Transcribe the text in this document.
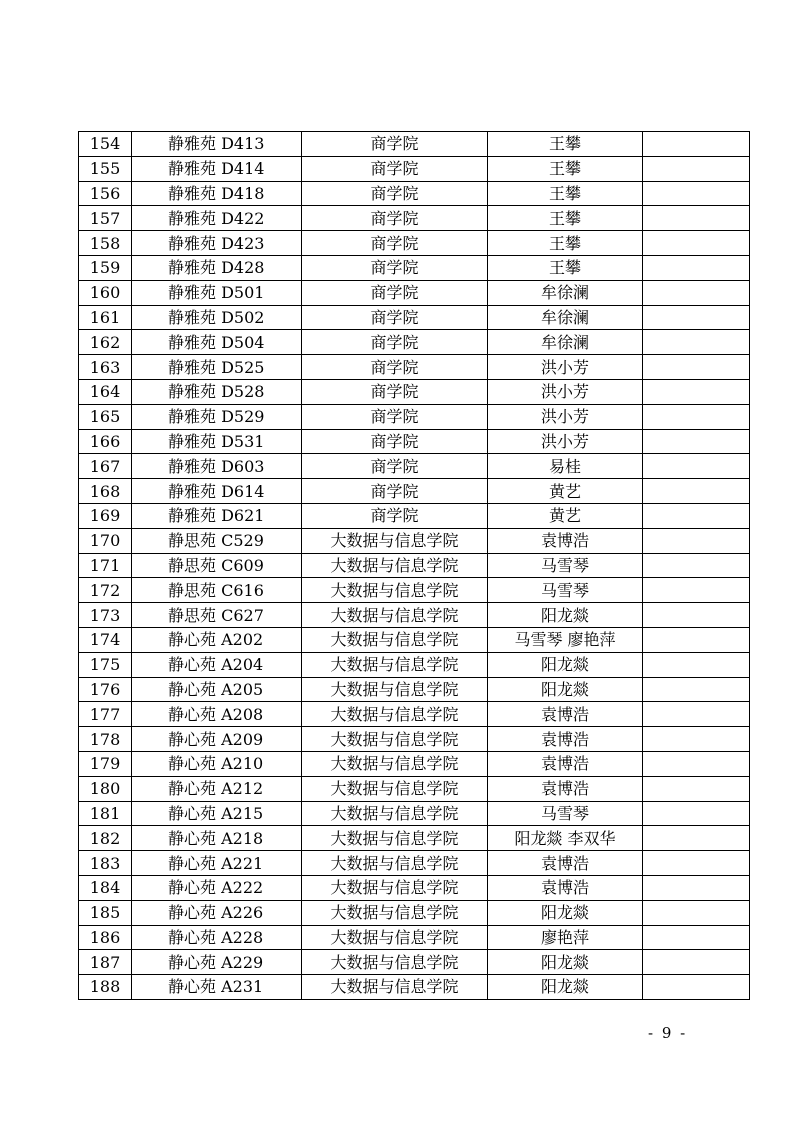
154	静雅苑 D413	商学院	王攀	
155	静雅苑 D414	商学院	王攀	
156	静雅苑 D418	商学院	王攀	
157	静雅苑 D422	商学院	王攀	
158	静雅苑 D423	商学院	王攀	
159	静雅苑 D428	商学院	王攀	
160	静雅苑 D501	商学院	牟徐澜	
161	静雅苑 D502	商学院	牟徐澜	
162	静雅苑 D504	商学院	牟徐澜	
163	静雅苑 D525	商学院	洪小芳	
164	静雅苑 D528	商学院	洪小芳	
165	静雅苑 D529	商学院	洪小芳	
166	静雅苑 D531	商学院	洪小芳	
167	静雅苑 D603	商学院	易桂	
168	静雅苑 D614	商学院	黄艺	
169	静雅苑 D621	商学院	黄艺	
170	静思苑 C529	大数据与信息学院	袁博浩	
171	静思苑 C609	大数据与信息学院	马雪琴	
172	静思苑 C616	大数据与信息学院	马雪琴	
173	静思苑 C627	大数据与信息学院	阳龙燚	
174	静心苑 A202	大数据与信息学院	马雪琴 廖艳萍	
175	静心苑 A204	大数据与信息学院	阳龙燚	
176	静心苑 A205	大数据与信息学院	阳龙燚	
177	静心苑 A208	大数据与信息学院	袁博浩	
178	静心苑 A209	大数据与信息学院	袁博浩	
179	静心苑 A210	大数据与信息学院	袁博浩	
180	静心苑 A212	大数据与信息学院	袁博浩	
181	静心苑 A215	大数据与信息学院	马雪琴	
182	静心苑 A218	大数据与信息学院	阳龙燚 李双华	
183	静心苑 A221	大数据与信息学院	袁博浩	
184	静心苑 A222	大数据与信息学院	袁博浩	
185	静心苑 A226	大数据与信息学院	阳龙燚	
186	静心苑 A228	大数据与信息学院	廖艳萍	
187	静心苑 A229	大数据与信息学院	阳龙燚	
188	静心苑 A231	大数据与信息学院	阳龙燚	
- 9 -
